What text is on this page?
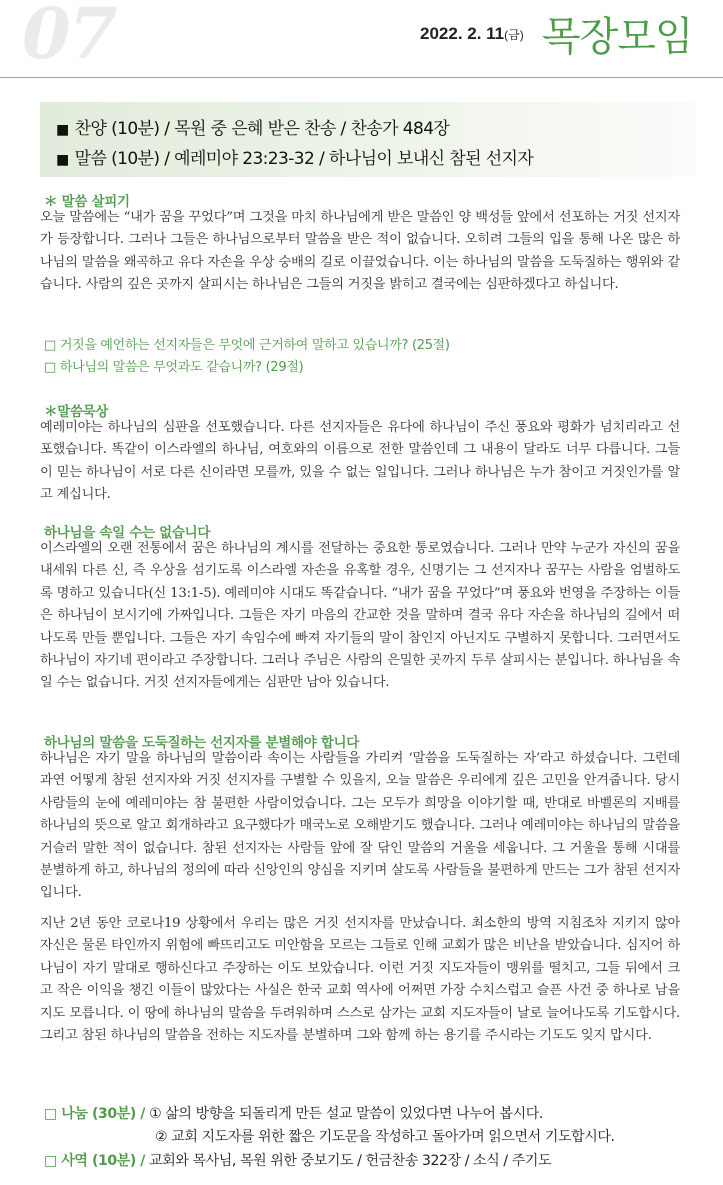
07	2022. 2. 11(금) 목장모임
■ 찬양 (10분) / 목원 중 은혜 받은 찬송 / 찬송가 484장
■ 말씀 (10분) / 예레미야 23:23-32 / 하나님이 보내신 참된 선지자
＊ 말씀 살피기
오늘 말씀에는 “내가 꿈을 꾸었다”며 그것을 마치 하나님에게 받은 말씀인 양 백성들 앞에서 선포하는 거짓 선지자가 등장합니다. 그러나 그들은 하나님으로부터 말씀을 받은 적이 없습니다. 오히려 그들의 입을 통해 나온 많은 하나님의 말씀을 왜곡하고 유다 자손을 우상 숭배의 길로 이끌었습니다. 이는 하나님의 말씀을 도둑질하는 행위와 같습니다. 사람의 깊은 곳까지 살피시는 하나님은 그들의 거짓을 밝히고 결국에는 심판하겠다고 하십니다.
□ 거짓을 예언하는 선지자들은 무엇에 근거하여 말하고 있습니까? (25절)
□ 하나님의 말씀은 무엇과도 같습니까? (29절)
＊말씀묵상
예레미야는 하나님의 심판을 선포했습니다. 다른 선지자들은 유다에 하나님이 주신 풍요와 평화가 넘치리라고 선포했습니다. 똑같이 이스라엘의 하나님, 여호와의 이름으로 전한 말씀인데 그 내용이 달라도 너무 다릅니다. 그들이 믿는 하나님이 서로 다른 신이라면 모를까, 있을 수 없는 일입니다. 그러나 하나님은 누가 참이고 거짓인가를 알고 계십니다.
하나님을 속일 수는 없습니다
이스라엘의 오랜 전통에서 꿈은 하나님의 계시를 전달하는 중요한 통로였습니다. 그러나 만약 누군가 자신의 꿈을 내세워 다른 신, 즉 우상을 섬기도록 이스라엘 자손을 유혹할 경우, 신명기는 그 선지자나 꿈꾸는 사람을 엄벌하도록 명하고 있습니다(신 13:1-5). 예레미야 시대도 똑같습니다. “내가 꿈을 꾸었다”며 풍요와 번영을 주장하는 이들은 하나님이 보시기에 가짜입니다. 그들은 자기 마음의 간교한 것을 말하며 결국 유다 자손을 하나님의 길에서 떠나도록 만들 뿐입니다. 그들은 자기 속임수에 빠져 자기들의 말이 참인지 아닌지도 구별하지 못합니다. 그러면서도 하나님이 자기네 편이라고 주장합니다. 그러나 주님은 사람의 은밀한 곳까지 두루 살피시는 분입니다. 하나님을 속일 수는 없습니다. 거짓 선지자들에게는 심판만 남아 있습니다.
하나님의 말씀을 도둑질하는 선지자를 분별해야 합니다
하나님은 자기 말을 하나님의 말씀이라 속이는 사람들을 가리켜 ‘말씀을 도둑질하는 자’라고 하셨습니다. 그런데 과연 어떻게 참된 선지자와 거짓 선지자를 구별할 수 있을지, 오늘 말씀은 우리에게 깊은 고민을 안겨줍니다. 당시 사람들의 눈에 예레미야는 참 불편한 사람이었습니다. 그는 모두가 희망을 이야기할 때, 반대로 바벨론의 지배를 하나님의 뜻으로 알고 회개하라고 요구했다가 매국노로 오해받기도 했습니다. 그러나 예레미야는 하나님의 말씀을 거슬러 말한 적이 없습니다. 참된 선지자는 사람들 앞에 잘 닦인 말씀의 거울을 세웁니다. 그 거울을 통해 시대를 분별하게 하고, 하나님의 정의에 따라 신앙인의 양심을 지키며 살도록 사람들을 불편하게 만드는 그가 참된 선지자입니다.
지난 2년 동안 코로나19 상황에서 우리는 많은 거짓 선지자를 만났습니다. 최소한의 방역 지침조차 지키지 않아 자신은 물론 타인까지 위험에 빠뜨리고도 미안함을 모르는 그들로 인해 교회가 많은 비난을 받았습니다. 심지어 하나님이 자기 말대로 행하신다고 주장하는 이도 보았습니다. 이런 거짓 지도자들이 맹위를 떨치고, 그들 뒤에서 크고 작은 이익을 챙긴 이들이 많았다는 사실은 한국 교회 역사에 어쩌면 가장 수치스럽고 슬픈 사건 중 하나로 남을지도 모릅니다. 이 땅에 하나님의 말씀을 두려워하며 스스로 삼가는 교회 지도자들이 날로 늘어나도록 기도합시다. 그리고 참된 하나님의 말씀을 전하는 지도자를 분별하며 그와 함께 하는 용기를 주시라는 기도도 잊지 맙시다.
□ 나눔 (30분) / ① 삶의 방향을 되돌리게 만든 설교 말씀이 있었다면 나누어 봅시다.
② 교회 지도자를 위한 짧은 기도문을 작성하고 돌아가며 읽으면서 기도합시다.
□ 사역 (10분) / 교회와 목사님, 목원 위한 중보기도 / 헌금찬송 322장 / 소식 / 주기도
